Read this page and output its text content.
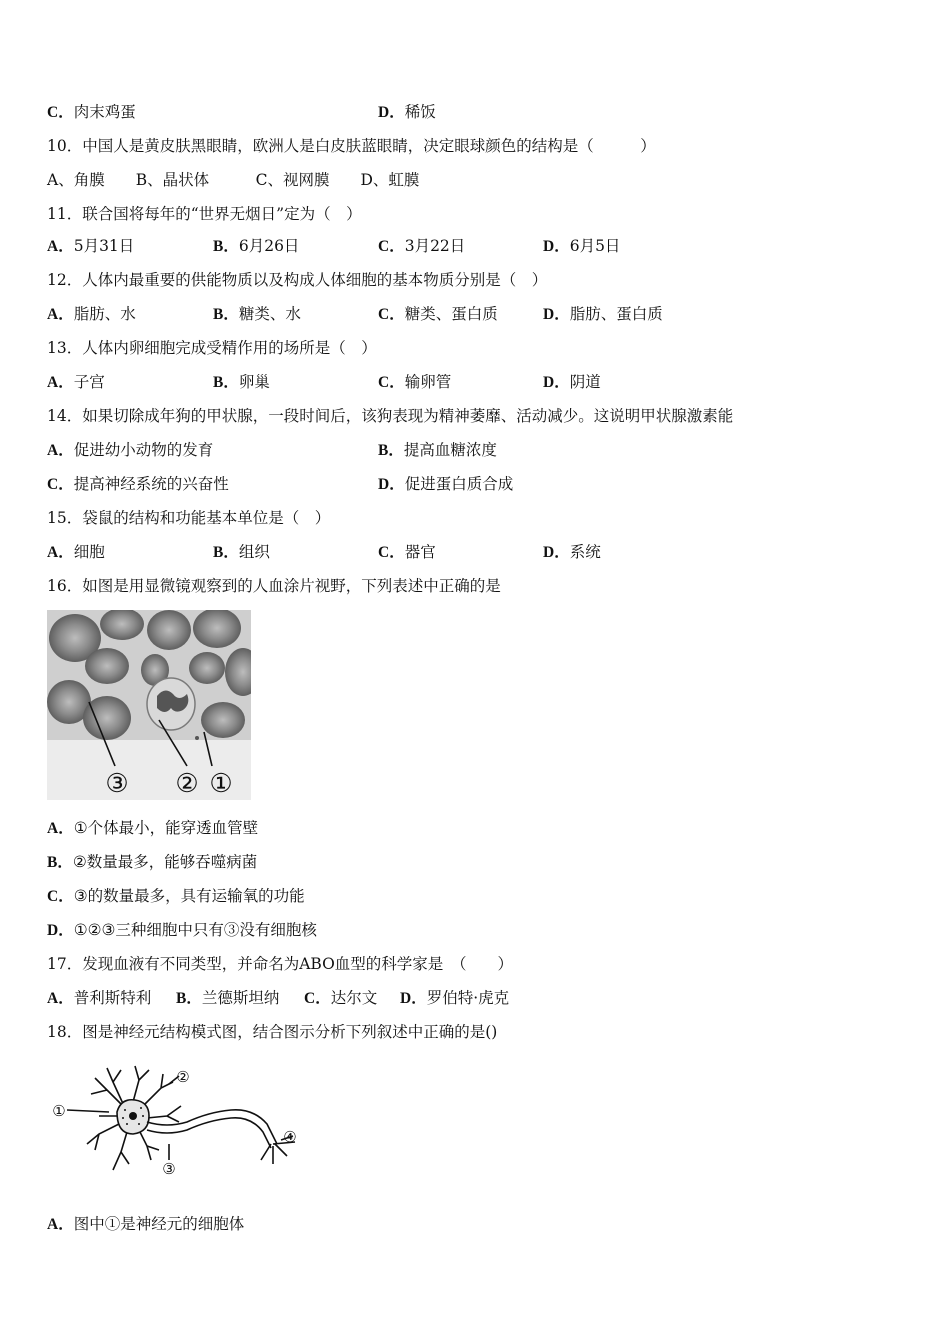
C．肉末鸡蛋	D．稀饭
10．中国人是黄皮肤黑眼睛，欧洲人是白皮肤蓝眼睛，决定眼球颜色的结构是（　　　）
A、角膜　　B、晶状体　　　C、视网膜　　D、虹膜
11．联合国将每年的“世界无烟日”定为（　）
A．5月31日	B．6月26日	C．3月22日	D．6月5日
12．人体内最重要的供能物质以及构成人体细胞的基本物质分别是（　）
A．脂肪、水	B．糖类、水	C．糖类、蛋白质	D．脂肪、蛋白质
13．人体内卵细胞完成受精作用的场所是（　）
A．子宫	B．卵巢	C．输卵管	D．阴道
14．如果切除成年狗的甲状腺，一段时间后，该狗表现为精神萎靡、活动减少。这说明甲状腺激素能
A．促进幼小动物的发育	B．提高血糖浓度
C．提高神经系统的兴奋性	D．促进蛋白质合成
15．袋鼠的结构和功能基本单位是（　）
A．细胞	B．组织	C．器官	D．系统
16．如图是用显微镜观察到的人血涂片视野，下列表述中正确的是
③ ② ①
A．①个体最小，能穿透血管壁
B．②数量最多，能够吞噬病菌
C．③的数量最多，具有运输氧的功能
D．①②③三种细胞中只有③没有细胞核
17．发现血液有不同类型，并命名为ABO血型的科学家是　（　　）
A．普利斯特利 B．兰德斯坦纳 C．达尔文 D．罗伯特·虎克
18．图是神经元结构模式图，结合图示分析下列叙述中正确的是()
①
②
③
④
A．图中①是神经元的细胞体
